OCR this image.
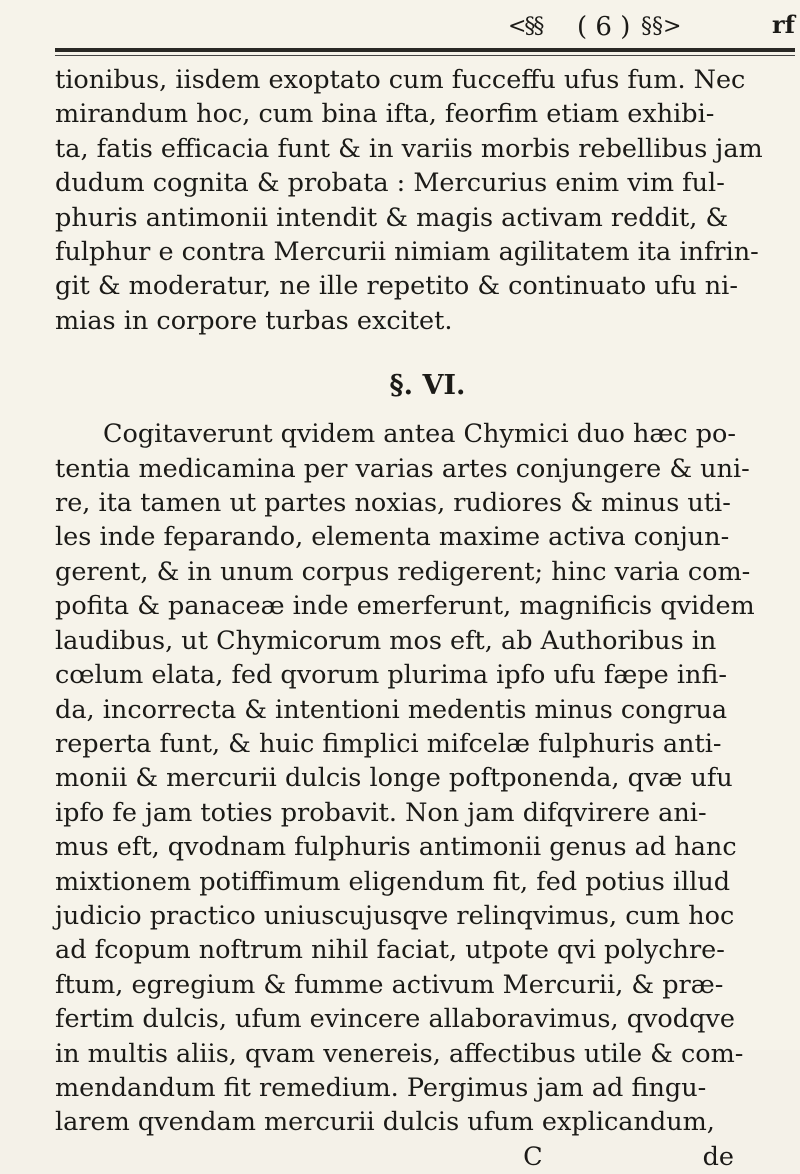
<§§	( 6 ) §§>	rf

tionibus, iisdem exoptato cum fucceffu ufus fum. Nec

mirandum hoc, cum bina ifta, feorfim etiam exhibi-

ta, fatis efficacia funt & in variis morbis rebellibus jam

dudum cognita & probata : Mercurius enim vim ful-

phuris antimonii intendit & magis activam reddit, &

fulphur e contra Mercurii nimiam agilitatem ita infrin-

git & moderatur, ne ille repetito & continuato ufu ni-

mias in corpore turbas excitet.

§. VI.

Cogitaverunt qvidem antea Chymici duo hæc po-

tentia medicamina per varias artes conjungere & uni-

re, ita tamen ut partes noxias, rudiores & minus uti-

les inde feparando, elementa maxime activa conjun-

gerent, & in unum corpus redigerent; hinc varia com-

pofita & panaceæ inde emerferunt, magnificis qvidem

laudibus, ut Chymicorum mos eft, ab Authoribus in

cœlum elata, fed qvorum plurima ipfo ufu fæpe infi-

da, incorrecta & intentioni medentis minus congrua

reperta funt, & huic fimplici mifcelæ fulphuris anti-

monii & mercurii dulcis longe poftponenda, qvæ ufu

ipfo fe jam toties probavit. Non jam difqvirere ani-

mus eft, qvodnam fulphuris antimonii genus ad hanc

mixtionem potiffimum eligendum fit, fed potius illud

judicio practico uniuscujusqve relinqvimus, cum hoc

ad fcopum noftrum nihil faciat, utpote qvi polychre-

ftum, egregium & fumme activum Mercurii, & præ-

fertim dulcis, ufum evincere allaboravimus, qvodqve

in multis aliis, qvam venereis, affectibus utile & com-

mendandum fit remedium. Pergimus jam ad fingu-

larem qvendam mercurii dulcis ufum explicandum,

C	de
